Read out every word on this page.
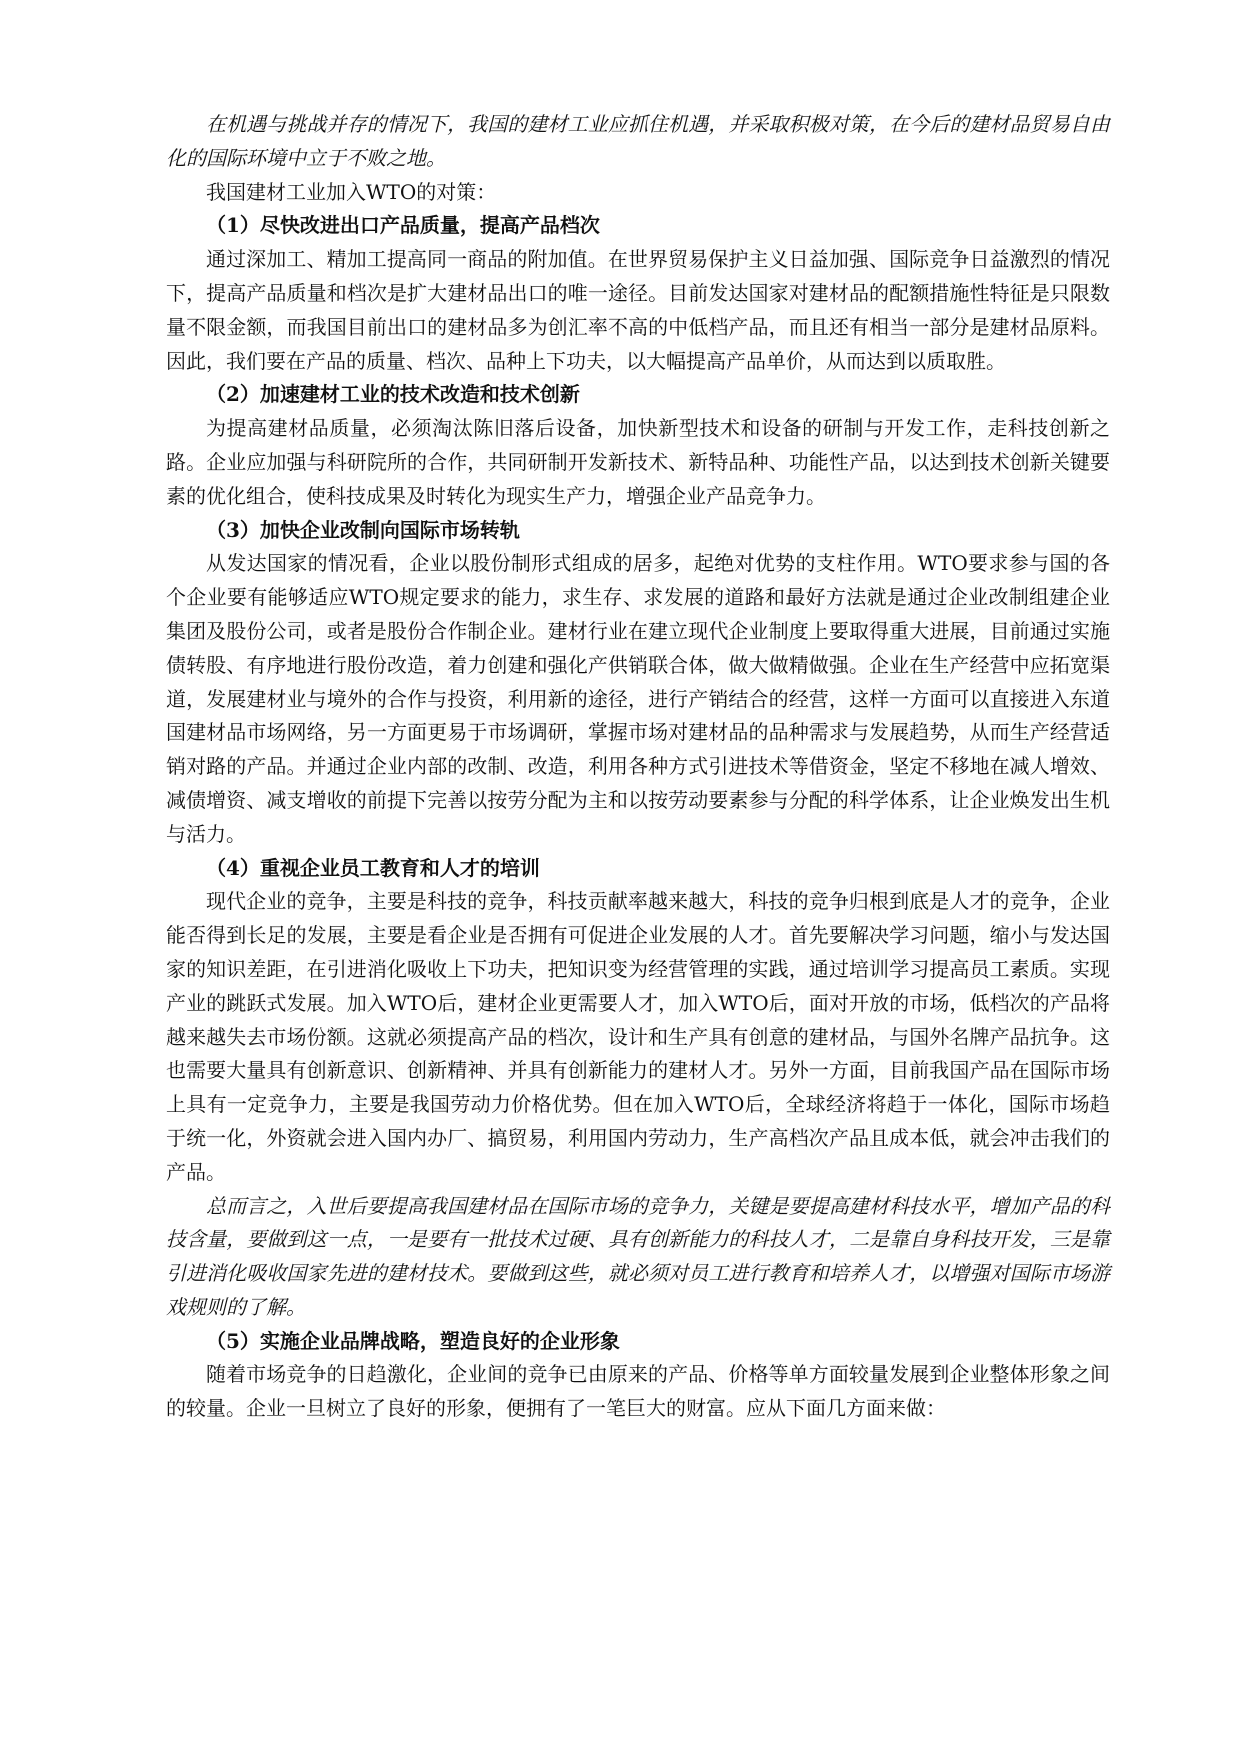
在机遇与挑战并存的情况下，我国的建材工业应抓住机遇，并采取积极对策，在今后的建材品贸易自由化的国际环境中立于不败之地。

我国建材工业加入WTO的对策：

（1）尽快改进出口产品质量，提高产品档次

通过深加工、精加工提高同一商品的附加值。在世界贸易保护主义日益加强、国际竞争日益激烈的情况下，提高产品质量和档次是扩大建材品出口的唯一途径。目前发达国家对建材品的配额措施性特征是只限数量不限金额，而我国目前出口的建材品多为创汇率不高的中低档产品，而且还有相当一部分是建材品原料。因此，我们要在产品的质量、档次、品种上下功夫，以大幅提高产品单价，从而达到以质取胜。

（2）加速建材工业的技术改造和技术创新

为提高建材品质量，必须淘汰陈旧落后设备，加快新型技术和设备的研制与开发工作，走科技创新之路。企业应加强与科研院所的合作，共同研制开发新技术、新特品种、功能性产品，以达到技术创新关键要素的优化组合，使科技成果及时转化为现实生产力，增强企业产品竞争力。

（3）加快企业改制向国际市场转轨

从发达国家的情况看，企业以股份制形式组成的居多，起绝对优势的支柱作用。WTO要求参与国的各个企业要有能够适应WTO规定要求的能力，求生存、求发展的道路和最好方法就是通过企业改制组建企业集团及股份公司，或者是股份合作制企业。建材行业在建立现代企业制度上要取得重大进展，目前通过实施债转股、有序地进行股份改造，着力创建和强化产供销联合体，做大做精做强。企业在生产经营中应拓宽渠道，发展建材业与境外的合作与投资，利用新的途径，进行产销结合的经营，这样一方面可以直接进入东道国建材品市场网络，另一方面更易于市场调研，掌握市场对建材品的品种需求与发展趋势，从而生产经营适销对路的产品。并通过企业内部的改制、改造，利用各种方式引进技术等借资金，坚定不移地在减人增效、减债增资、减支增收的前提下完善以按劳分配为主和以按劳动要素参与分配的科学体系，让企业焕发出生机与活力。

（4）重视企业员工教育和人才的培训

现代企业的竞争，主要是科技的竞争，科技贡献率越来越大，科技的竞争归根到底是人才的竞争，企业能否得到长足的发展，主要是看企业是否拥有可促进企业发展的人才。首先要解决学习问题，缩小与发达国家的知识差距，在引进消化吸收上下功夫，把知识变为经营管理的实践，通过培训学习提高员工素质。实现产业的跳跃式发展。加入WTO后，建材企业更需要人才，加入WTO后，面对开放的市场，低档次的产品将越来越失去市场份额。这就必须提高产品的档次，设计和生产具有创意的建材品，与国外名牌产品抗争。这也需要大量具有创新意识、创新精神、并具有创新能力的建材人才。另外一方面，目前我国产品在国际市场上具有一定竞争力，主要是我国劳动力价格优势。但在加入WTO后，全球经济将趋于一体化，国际市场趋于统一化，外资就会进入国内办厂、搞贸易，利用国内劳动力，生产高档次产品且成本低，就会冲击我们的产品。

总而言之，入世后要提高我国建材品在国际市场的竞争力，关键是要提高建材科技水平，增加产品的科技含量，要做到这一点，一是要有一批技术过硬、具有创新能力的科技人才，二是靠自身科技开发，三是靠引进消化吸收国家先进的建材技术。要做到这些，就必须对员工进行教育和培养人才，以增强对国际市场游戏规则的了解。

（5）实施企业品牌战略，塑造良好的企业形象

随着市场竞争的日趋激化，企业间的竞争已由原来的产品、价格等单方面较量发展到企业整体形象之间的较量。企业一旦树立了良好的形象，便拥有了一笔巨大的财富。应从下面几方面来做：
